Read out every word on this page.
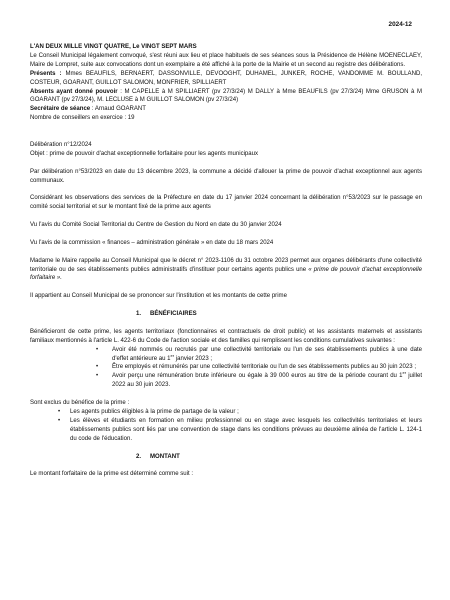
2024-12

L'AN DEUX MILLE VINGT QUATRE, Le VINGT SEPT MARS

Le Conseil Municipal légalement convoqué, s'est réuni aux lieu et place habituels de ses séances sous la Présidence de Hélène MOENECLAEY, Maire de Lompret, suite aux convocations dont un exemplaire a été affiché à la porte de la Mairie et un second au registre des délibérations.

Présents : Mmes BEAUFILS, BERNAERT, DASSONVILLE, DEVOOGHT, DUHAMEL, JUNKER, ROCHE, VANDOMME M. BOULLAND, COSTEUR, GOARANT, GUILLOT SALOMON, MONFRIER, SPILLIAERT

Absents ayant donné pouvoir : M CAPELLE à M SPILLIAERT (pv 27/3/24) M DALLY à Mme BEAUFILS (pv 27/3/24) Mme GRUSON à M GOARANT (pv 27/3/24), M. LECLUSE à M GUILLOT SALOMON (pv 27/3/24)

Secrétaire de séance : Arnaud GOARANT

Nombre de conseillers en exercice : 19

Délibération n°12/2024

Objet : prime de pouvoir d'achat exceptionnelle forfaitaire pour les agents municipaux

Par délibération n°53/2023 en date du 13 décembre 2023, la commune a décidé d'allouer la prime de pouvoir d'achat exceptionnel aux agents communaux.

Considérant les observations des services de la Préfecture en date du 17 janvier 2024 concernant la délibération n°53/2023 sur le passage en comité social territorial et sur le montant fixé de la prime aux agents

Vu l'avis du Comité Social Territorial du Centre de Gestion du Nord en date du 30 janvier 2024

Vu l'avis de la commission « finances – administration générale » en date du 18 mars 2024

Madame le Maire rappelle au Conseil Municipal que le décret n° 2023-1106 du 31 octobre 2023 permet aux organes délibérants d'une collectivité territoriale ou de ses établissements publics administratifs d'instituer pour certains agents publics une « prime de pouvoir d'achat exceptionnelle forfaitaire ».

Il appartient au Conseil Municipal de se prononcer sur l'institution et les montants de cette prime

1.	BÉNÉFICIAIRES

Bénéficieront de cette prime, les agents territoriaux (fonctionnaires et contractuels de droit public) et les assistants maternels et assistants familiaux mentionnés à l'article L. 422-6 du Code de l'action sociale et des familles qui remplissent les conditions cumulatives suivantes :

• Avoir été nommés ou recrutés par une collectivité territoriale ou l'un de ses établissements publics à une date d'effet antérieure au 1er janvier 2023 ;
• Être employés et rémunérés par une collectivité territoriale ou l'un de ses établissements publics au 30 juin 2023 ;
• Avoir perçu une rémunération brute inférieure ou égale à 39 000 euros au titre de la période courant du 1er juillet 2022 au 30 juin 2023.

Sont exclus du bénéfice de la prime :

• Les agents publics éligibles à la prime de partage de la valeur ;
• Les élèves et étudiants en formation en milieu professionnel ou en stage avec lesquels les collectivités territoriales et leurs établissements publics sont liés par une convention de stage dans les conditions prévues au deuxième alinéa de l'article L. 124-1 du code de l'éducation.
2.	MONTANT

Le montant forfaitaire de la prime est déterminé comme suit :
